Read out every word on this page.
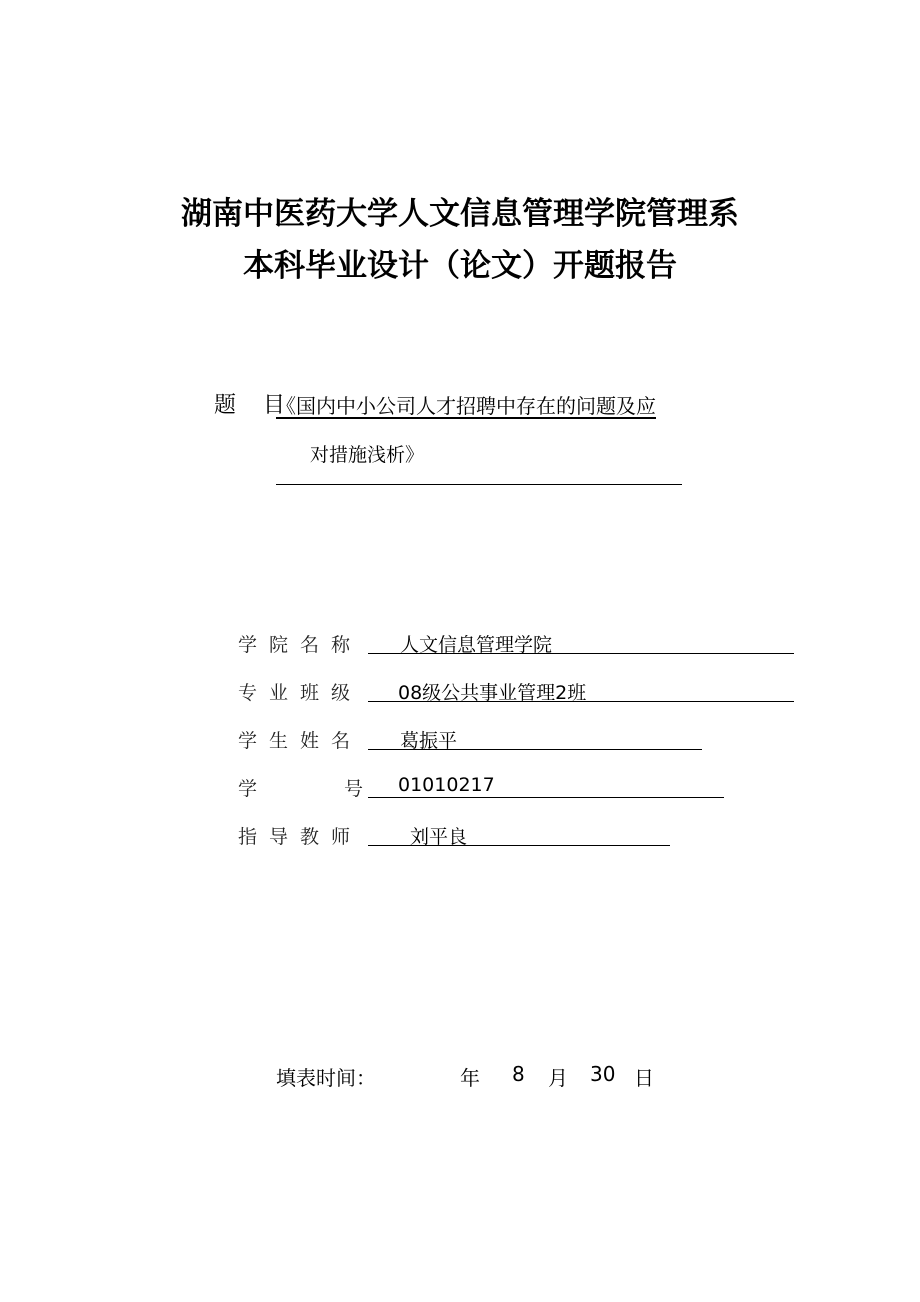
湖南中医药大学人文信息管理学院管理系
本科毕业设计（论文）开题报告
题 目
《国内中小公司人才招聘中存在的问题及应
对措施浅析》
学院名称	人文信息管理学院
专业班级	08级公共事业管理2班
学生姓名	葛振平
学	号	01010217
指导教师	刘平良
填表时间：	年 8 月 30 日
